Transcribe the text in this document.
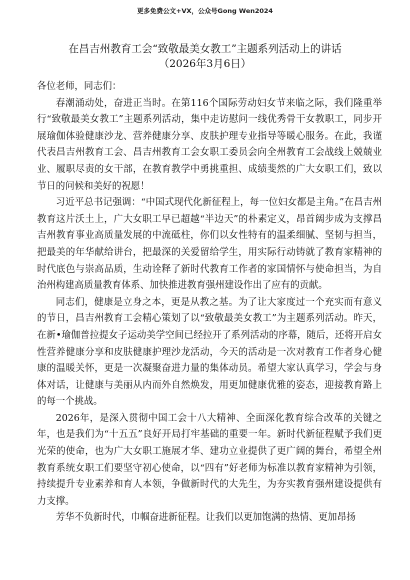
更多免费公文+VX，公众号Gong Wen2024
在昌吉州教育工会“致敬最美女教工”主题系列活动上的讲话
（2026年3月6日）

各位老师，同志们：

春潮涌动处，奋进正当时。在第116个国际劳动妇女节来临之际，我们隆重举行“致敬最美女教工”主题系列活动，集中走访慰问一线优秀骨干女教职工，同步开展瑜伽体验健康沙龙、营养健康分享、皮肤护理专业指导等暖心服务。在此，我谨代表昌吉州教育工会、昌吉州教育工会女职工委员会向全州教育工会战线上兢兢业业、履职尽责的女干部，在教育教学中勇挑重担、成绩斐然的广大女职工们，致以节日的问候和美好的祝愿！

习近平总书记强调：“中国式现代化新征程上，每一位妇女都是主角。”在昌吉州教育这片沃土上，广大女职工早已超越“半边天”的朴素定义，昂首阔步成为支撑昌吉州教育事业高质量发展的中流砥柱，你们以女性特有的温柔细腻、坚韧与担当，把最美的年华献给讲台，把最深的关爱留给学生，用实际行动铸就了教育家精神的时代底色与崇高品质，生动诠释了新时代教育工作者的家国情怀与使命担当，为自治州构建高质量教育体系、加快推进教育强州建设作出了应有的贡献。

同志们，健康是立身之本，更是从教之基。为了让大家度过一个充实而有意义的节日，昌吉州教育工会精心策划了以“致敬最美女教工”为主题系列活动。昨天，在新•瑜伽普拉提女子运动美学空间已经拉开了系列活动的序幕，随后，还将开启女性营养健康分享和皮肤健康护理沙龙活动，今天的活动是一次对教育工作者身心健康的温暖关怀，更是一次凝聚奋进力量的集体动员。希望大家认真学习，学会与身体对话，让健康与美丽从内而外自然焕发，用更加健康优雅的姿态，迎接教育路上的每一个挑战。

2026年，是深入贯彻中国工会十八大精神、全面深化教育综合改革的关键之年，也是我们为“十五五”良好开局打牢基础的重要一年。新时代新征程赋予我们更光荣的使命，也为广大女职工施展才华、建功立业提供了更广阔的舞台，希望全州教育系统女职工们要坚守初心使命，以“四有”好老师为标准以教育家精神为引领，持续提升专业素养和育人本领，争做新时代的大先生，为夯实教育强州建设提供有力支撑。

芳华不负新时代，巾帼奋进新征程。让我们以更加饱满的热情、更加昂扬
